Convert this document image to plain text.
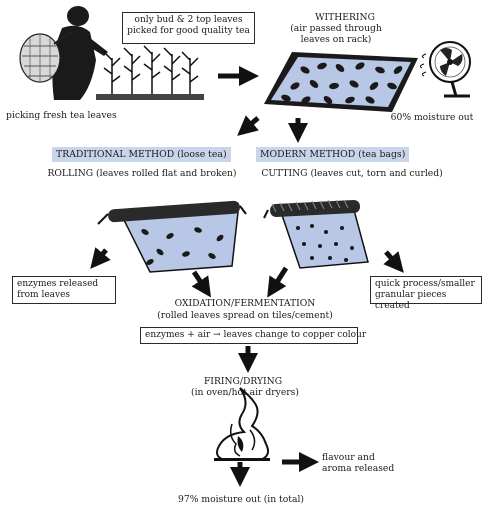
only bud & 2 top leaves
picked for good quality tea
picking fresh tea leaves
WITHERING
(air passed through
leaves on rack)
60% moisture out
TRADITIONAL METHOD (loose tea)	MODERN METHOD (tea bags)
ROLLING (leaves rolled flat and broken)	CUTTING (leaves cut, torn and curled)
enzymes released
from leaves
quick process/smaller
granular pieces created
OXIDATION/FERMENTATION
(rolled leaves spread on tiles/cement)
enzymes + air → leaves change to copper colour
FIRING/DRYING
(in oven/hot air dryers)
flavour and
aroma released
97% moisture out (in total)
